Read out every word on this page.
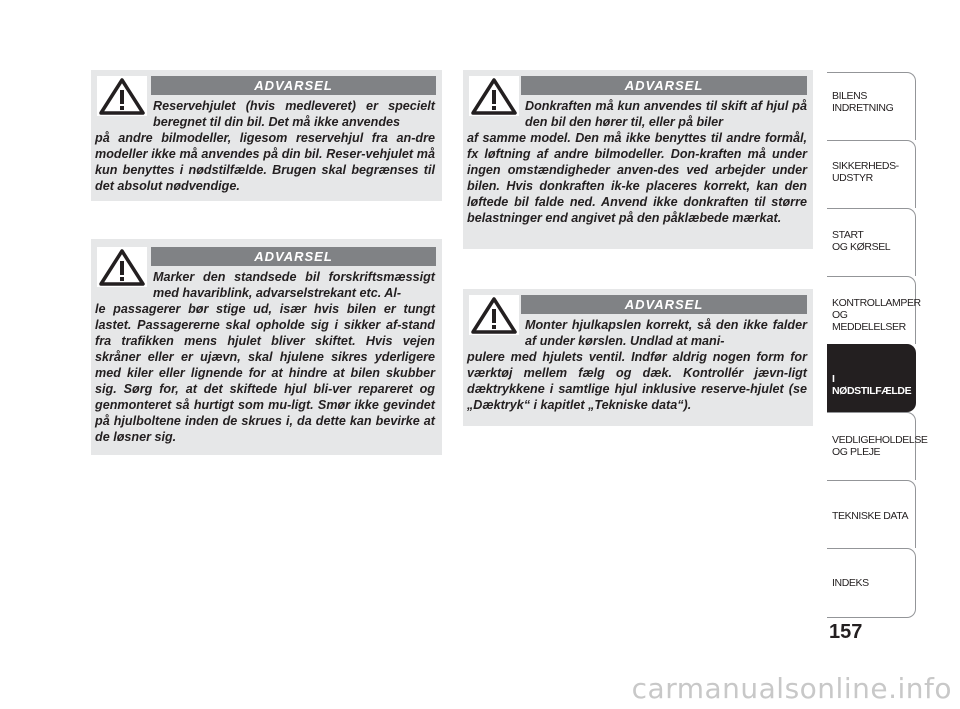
ADVARSEL

Reservehjulet (hvis medleveret) er specielt beregnet til din bil. Det må ikke anvendes
på andre bilmodeller, ligesom reservehjul fra an-dre modeller ikke må anvendes på din bil. Reser-vehjulet må kun benyttes i nødstilfælde. Brugen skal begrænses til det absolut nødvendige.

ADVARSEL

Marker den standsede bil forskriftsmæssigt med havariblink, advarselstrekant etc. Al-
le passagerer bør stige ud, især hvis bilen er tungt lastet. Passagererne skal opholde sig i sikker af-stand fra trafikken mens hjulet bliver skiftet. Hvis vejen skråner eller er ujævn, skal hjulene sikres yderligere med kiler eller lignende for at hindre at bilen skubber sig. Sørg for, at det skiftede hjul bli-ver repareret og genmonteret så hurtigt som mu-ligt. Smør ikke gevindet på hjulboltene inden de skrues i, da dette kan bevirke at de løsner sig.

ADVARSEL

Donkraften må kun anvendes til skift af hjul på den bil den hører til, eller på biler
af samme model. Den må ikke benyttes til andre formål, fx løftning af andre bilmodeller. Don-kraften må under ingen omstændigheder anven-des ved arbejder under bilen. Hvis donkraften ik-ke placeres korrekt, kan den løftede bil falde ned. Anvend ikke donkraften til større belastninger end angivet på den påklæbede mærkat.

ADVARSEL

Monter hjulkapslen korrekt, så den ikke falder af under kørslen. Undlad at mani-
pulere med hjulets ventil. Indfør aldrig nogen form for værktøj mellem fælg og dæk. Kontrollér jævn-ligt dæktrykkene i samtlige hjul inklusive reserve-hjulet (se „Dæktryk“ i kapitlet „Tekniske data“).

BILENS
INDRETNING
SIKKERHEDS-
UDSTYR
START
OG KØRSEL
KONTROLLAMPER
OG MEDDELELSER
I NØDSTILFÆLDE
VEDLIGEHOLDELSE
OG PLEJE
TEKNISKE DATA
INDEKS
157
carmanualsonline.info
